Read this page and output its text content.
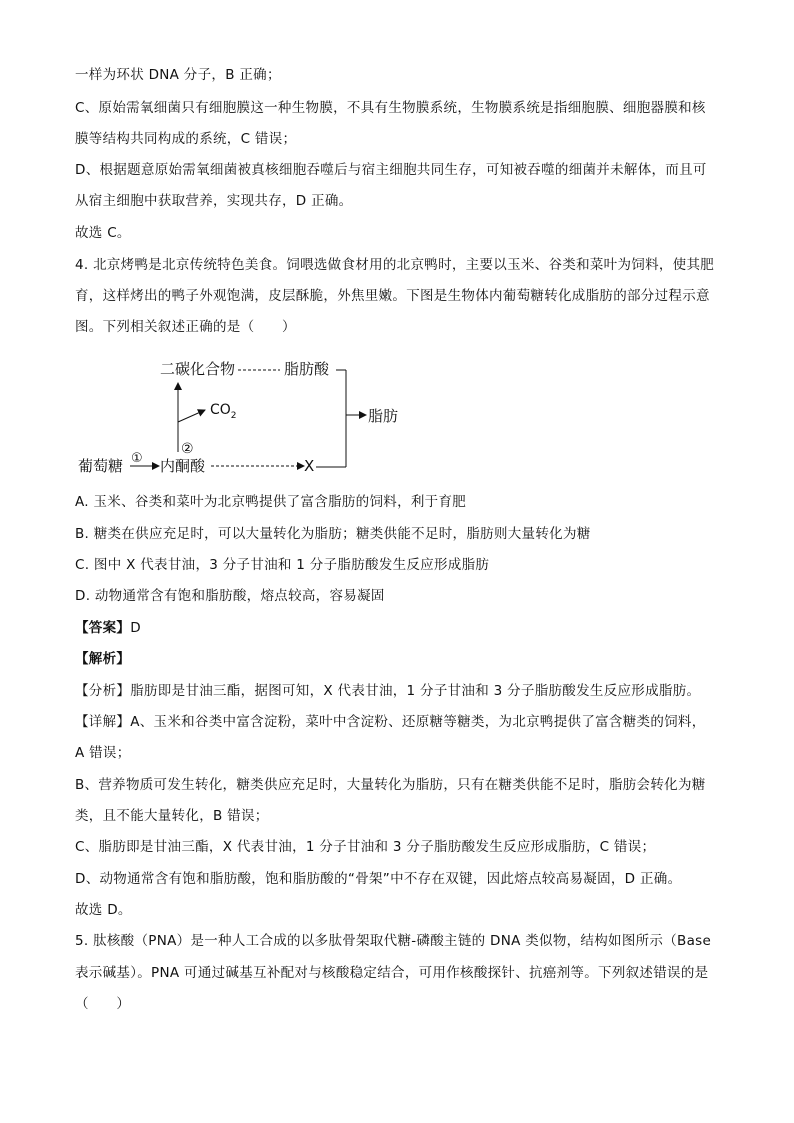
一样为环状 DNA 分子，B 正确；
C、原始需氧细菌只有细胞膜这一种生物膜，不具有生物膜系统，生物膜系统是指细胞膜、细胞器膜和核
膜等结构共同构成的系统，C 错误；
D、根据题意原始需氧细菌被真核细胞吞噬后与宿主细胞共同生存，可知被吞噬的细菌并未解体，而且可
从宿主细胞中获取营养，实现共存，D 正确。
故选 C。
4. 北京烤鸭是北京传统特色美食。饲喂选做食材用的北京鸭时，主要以玉米、谷类和菜叶为饲料，使其肥
育，这样烤出的鸭子外观饱满，皮层酥脆，外焦里嫩。下图是生物体内葡萄糖转化成脂肪的部分过程示意
图。下列相关叙述正确的是（　　）
二碳化合物	脂肪酸
脂肪
$CO_2$
②
葡萄糖 ① 内酮酸	X
A. 玉米、谷类和菜叶为北京鸭提供了富含脂肪的饲料，利于育肥
B. 糖类在供应充足时，可以大量转化为脂肪；糖类供能不足时，脂肪则大量转化为糖
C. 图中 X 代表甘油，3 分子甘油和 1 分子脂肪酸发生反应形成脂肪
D. 动物通常含有饱和脂肪酸，熔点较高，容易凝固
【答案】D
【解析】
【分析】脂肪即是甘油三酯，据图可知，X 代表甘油，1 分子甘油和 3 分子脂肪酸发生反应形成脂肪。
【详解】A、玉米和谷类中富含淀粉，菜叶中含淀粉、还原糖等糖类，为北京鸭提供了富含糖类的饲料，
A 错误；
B、营养物质可发生转化，糖类供应充足时，大量转化为脂肪，只有在糖类供能不足时，脂肪会转化为糖
类，且不能大量转化，B 错误；
C、脂肪即是甘油三酯，X 代表甘油，1 分子甘油和 3 分子脂肪酸发生反应形成脂肪，C 错误；
D、动物通常含有饱和脂肪酸，饱和脂肪酸的“骨架”中不存在双键，因此熔点较高易凝固，D 正确。
故选 D。
5. 肽核酸（PNA）是一种人工合成的以多肽骨架取代糖-磷酸主链的 DNA 类似物，结构如图所示（Base
表示碱基）。PNA 可通过碱基互补配对与核酸稳定结合，可用作核酸探针、抗癌剂等。下列叙述错误的是
（　　）
